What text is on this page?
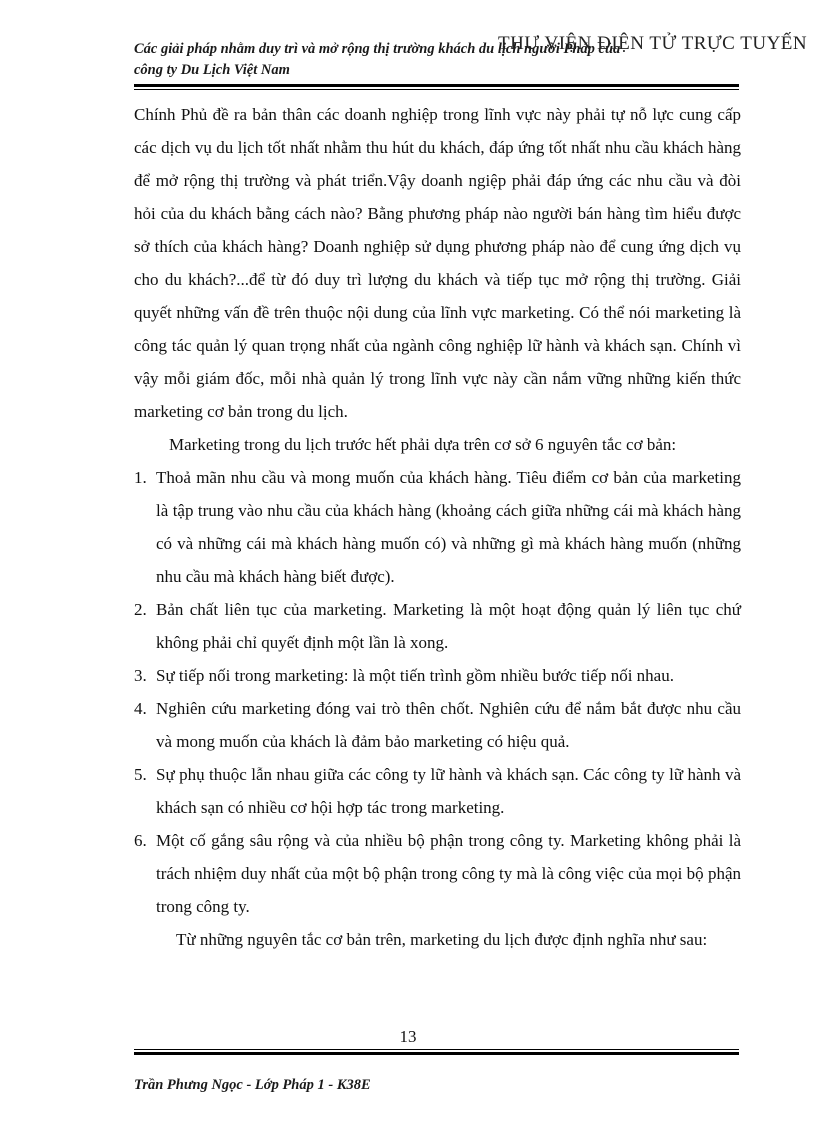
Các giải pháp nhằm duy trì và mở rộng thị trường khách du lịch người Pháp của
công ty Du Lịch Việt Nam
THƯ VIỆN ĐIỆN TỬ TRỰC TUYẾN

Chính Phủ đề ra bản thân các doanh nghiệp trong lĩnh vực này phải tự nỗ lực cung cấp các dịch vụ du lịch tốt nhất nhằm thu hút du khách, đáp ứng tốt nhất nhu cầu khách hàng để mở rộng thị trường và phát triển.Vậy doanh ngiệp phải đáp ứng các nhu cầu và đòi hỏi của du khách bằng cách nào? Bằng phương pháp nào người bán hàng tìm hiểu được sở thích của khách hàng? Doanh nghiệp sử dụng phương pháp nào để cung ứng dịch vụ cho du khách?...để từ đó duy trì lượng du khách và tiếp tục mở rộng thị trường. Giải quyết những vấn đề trên thuộc nội dung của lĩnh vực marketing. Có thể nói marketing là công tác quản lý quan trọng nhất của ngành công nghiệp lữ hành và khách sạn. Chính vì vậy mỗi giám đốc, mỗi nhà quản lý trong lĩnh vực này cần nắm vững những kiến thức marketing cơ bản trong du lịch.

Marketing trong du lịch trước hết phải dựa trên cơ sở 6 nguyên tắc cơ bản:

1. Thoả mãn nhu cầu và mong muốn của khách hàng. Tiêu điểm cơ bản của marketing là tập trung vào nhu cầu của khách hàng (khoảng cách giữa những cái mà khách hàng có và những cái mà khách hàng muốn có) và những gì mà khách hàng muốn (những nhu cầu mà khách hàng biết được).
2. Bản chất liên tục của marketing. Marketing là một hoạt động quản lý liên tục chứ không phải chỉ quyết định một lần là xong.
3. Sự tiếp nối trong marketing: là một tiến trình gồm nhiều bước tiếp nối nhau.
4. Nghiên cứu marketing đóng vai trò thên chốt. Nghiên cứu để nắm bắt được nhu cầu và mong muốn của khách là đảm bảo marketing có hiệu quả.
5. Sự phụ thuộc lẫn nhau giữa các công ty lữ hành và khách sạn. Các công ty lữ hành và khách sạn có nhiều cơ hội hợp tác trong marketing.
6. Một cố gắng sâu rộng và của nhiều bộ phận trong công ty. Marketing không phải là trách nhiệm duy nhất của một bộ phận trong công ty mà là công việc của mọi bộ phận trong công ty.

Từ những nguyên tắc cơ bản trên, marketing du lịch được định nghĩa như sau:

13
Trần Phưng Ngọc - Lớp Pháp 1 - K38E
